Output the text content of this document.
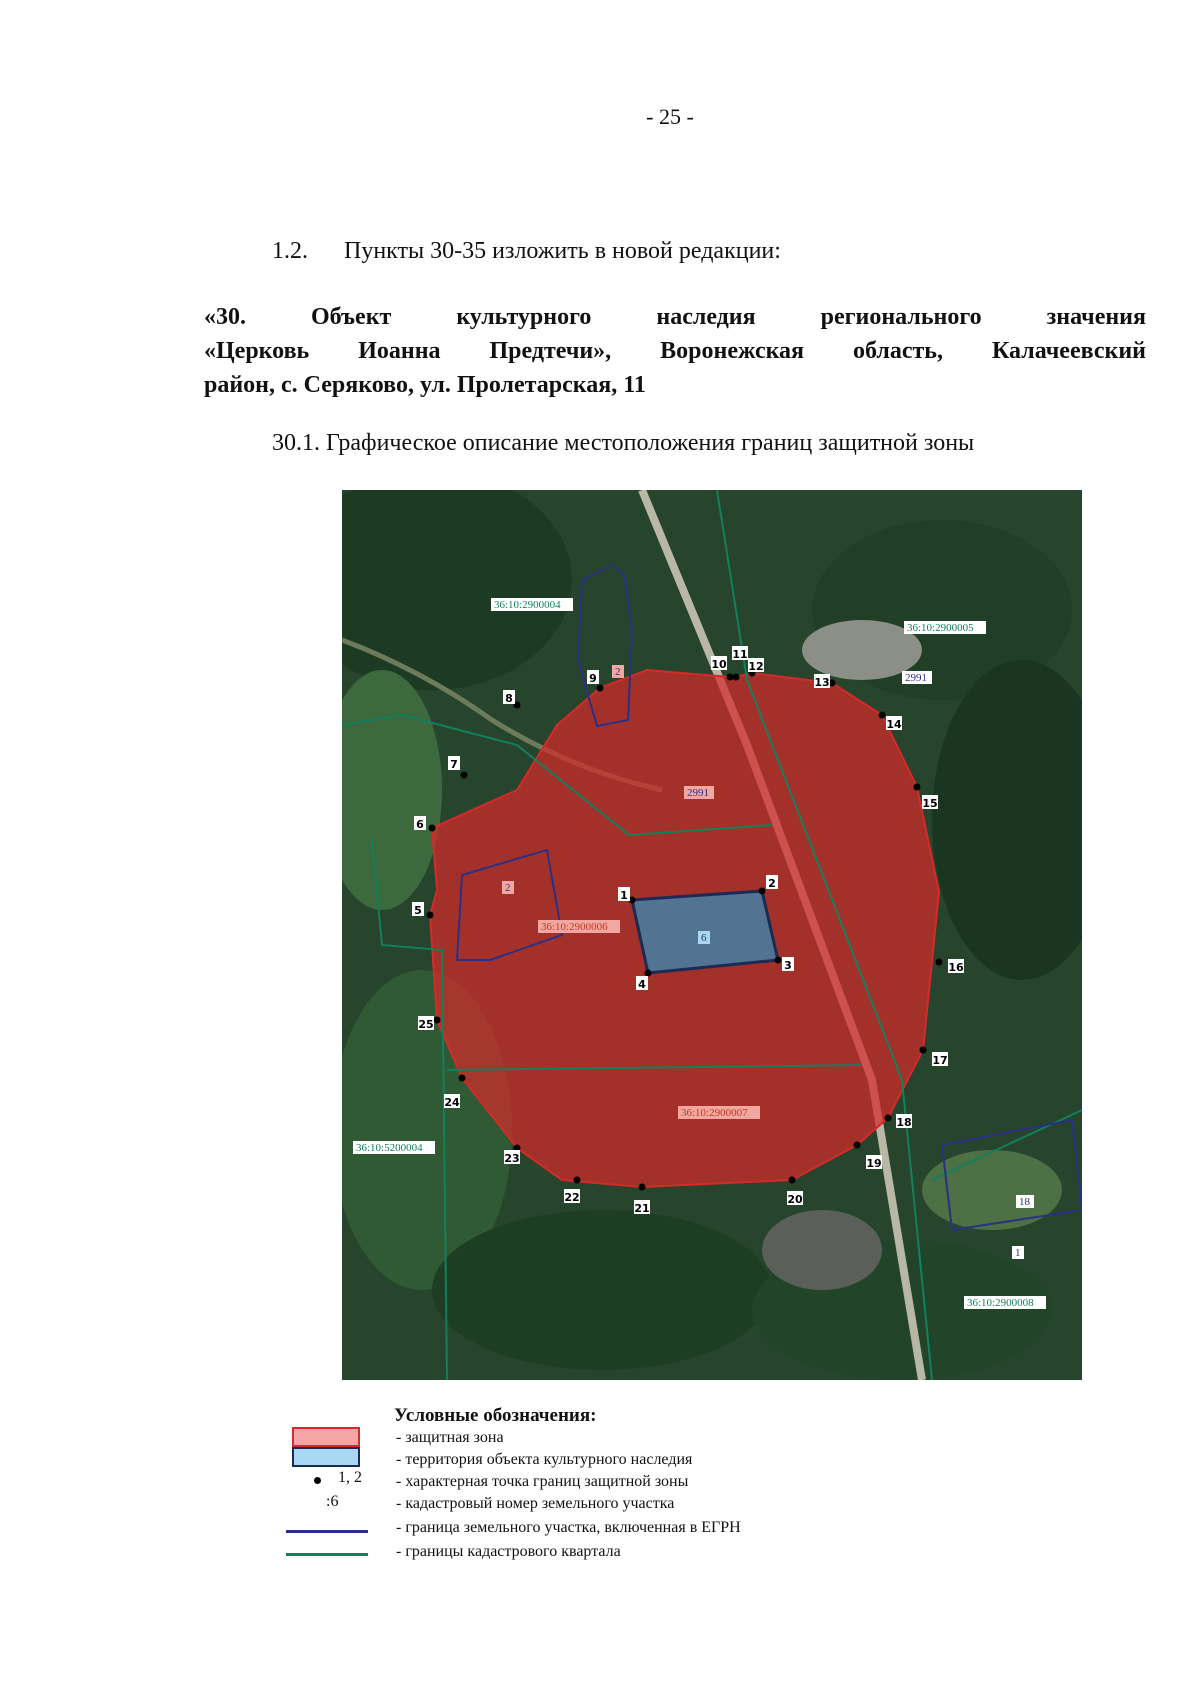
- 25 -
1.2. Пункты 30-35 изложить в новой редакции:
«30. Объект культурного наследия регионального значения
«Церковь Иоанна Предтечи», Воронежская область, Калачеевский
район, с. Серяково, ул. Пролетарская, 11
30.1. Графическое описание местоположения границ защитной зоны
1
2
3
4
5
6
7
8
9
10
11
12
13
14
15
16
17
18
19
20
21
22
23
24
25
36:10:2900004
36:10:2900005
36:10:2900006
36:10:2900007
36:10:5200004
36:10:2900008
2991
2991
2
2
6
18
1
Условные обозначения:
1, 2
:6
- защитная зона
- территория объекта культурного наследия
- характерная точка границ защитной зоны
- кадастровый номер земельного участка
- граница земельного участка, включенная в ЕГРН
- границы кадастрового квартала
